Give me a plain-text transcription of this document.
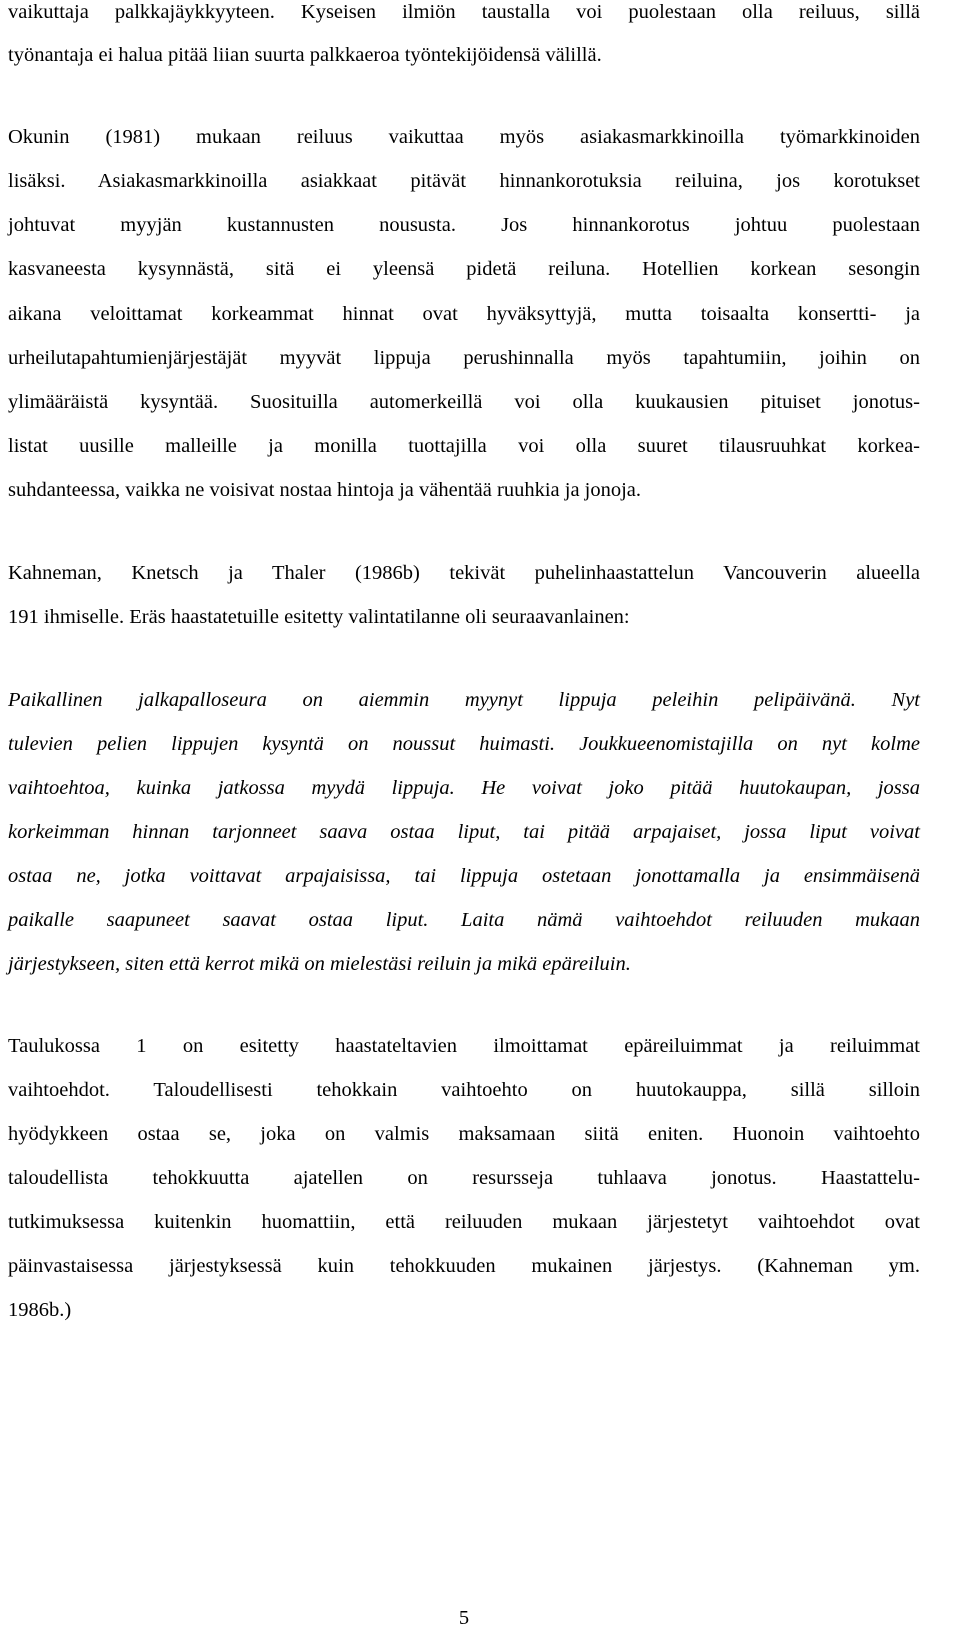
vaikuttaja palkkajäykkyyteen. Kyseisen ilmiön taustalla voi puolestaan olla reiluus, sillä
työnantaja ei halua pitää liian suurta palkkaeroa työntekijöidensä välillä.
Okunin (1981) mukaan reiluus vaikuttaa myös asiakasmarkkinoilla työmarkkinoiden
lisäksi. Asiakasmarkkinoilla asiakkaat pitävät hinnankorotuksia reiluina, jos korotukset
johtuvat myyjän kustannusten noususta. Jos hinnankorotus johtuu puolestaan
kasvaneesta kysynnästä, sitä ei yleensä pidetä reiluna. Hotellien korkean sesongin
aikana veloittamat korkeammat hinnat ovat hyväksyttyjä, mutta toisaalta konsertti- ja
urheilutapahtumienjärjestäjät myyvät lippuja perushinnalla myös tapahtumiin, joihin on
ylimääräistä kysyntää. Suosituilla automerkeillä voi olla kuukausien pituiset jonotus-
listat uusille malleille ja monilla tuottajilla voi olla suuret tilausruuhkat korkea-
suhdanteessa, vaikka ne voisivat nostaa hintoja ja vähentää ruuhkia ja jonoja.
Kahneman, Knetsch ja Thaler (1986b) tekivät puhelinhaastattelun Vancouverin alueella
191 ihmiselle. Eräs haastatetuille esitetty valintatilanne oli seuraavanlainen:
Paikallinen jalkapalloseura on aiemmin myynyt lippuja peleihin pelipäivänä. Nyt
tulevien pelien lippujen kysyntä on noussut huimasti. Joukkueenomistajilla on nyt kolme
vaihtoehtoa, kuinka jatkossa myydä lippuja. He voivat joko pitää huutokaupan, jossa
korkeimman hinnan tarjonneet saava ostaa liput, tai pitää arpajaiset, jossa liput voivat
ostaa ne, jotka voittavat arpajaisissa, tai lippuja ostetaan jonottamalla ja ensimmäisenä
paikalle saapuneet saavat ostaa liput. Laita nämä vaihtoehdot reiluuden mukaan
järjestykseen, siten että kerrot mikä on mielestäsi reiluin ja mikä epäreiluin.
Taulukossa 1 on esitetty haastateltavien ilmoittamat epäreiluimmat ja reiluimmat
vaihtoehdot. Taloudellisesti tehokkain vaihtoehto on huutokauppa, sillä silloin
hyödykkeen ostaa se, joka on valmis maksamaan siitä eniten. Huonoin vaihtoehto
taloudellista tehokkuutta ajatellen on resursseja tuhlaava jonotus. Haastattelu-
tutkimuksessa kuitenkin huomattiin, että reiluuden mukaan järjestetyt vaihtoehdot ovat
päinvastaisessa järjestyksessä kuin tehokkuuden mukainen järjestys. (Kahneman ym.
1986b.)
5
